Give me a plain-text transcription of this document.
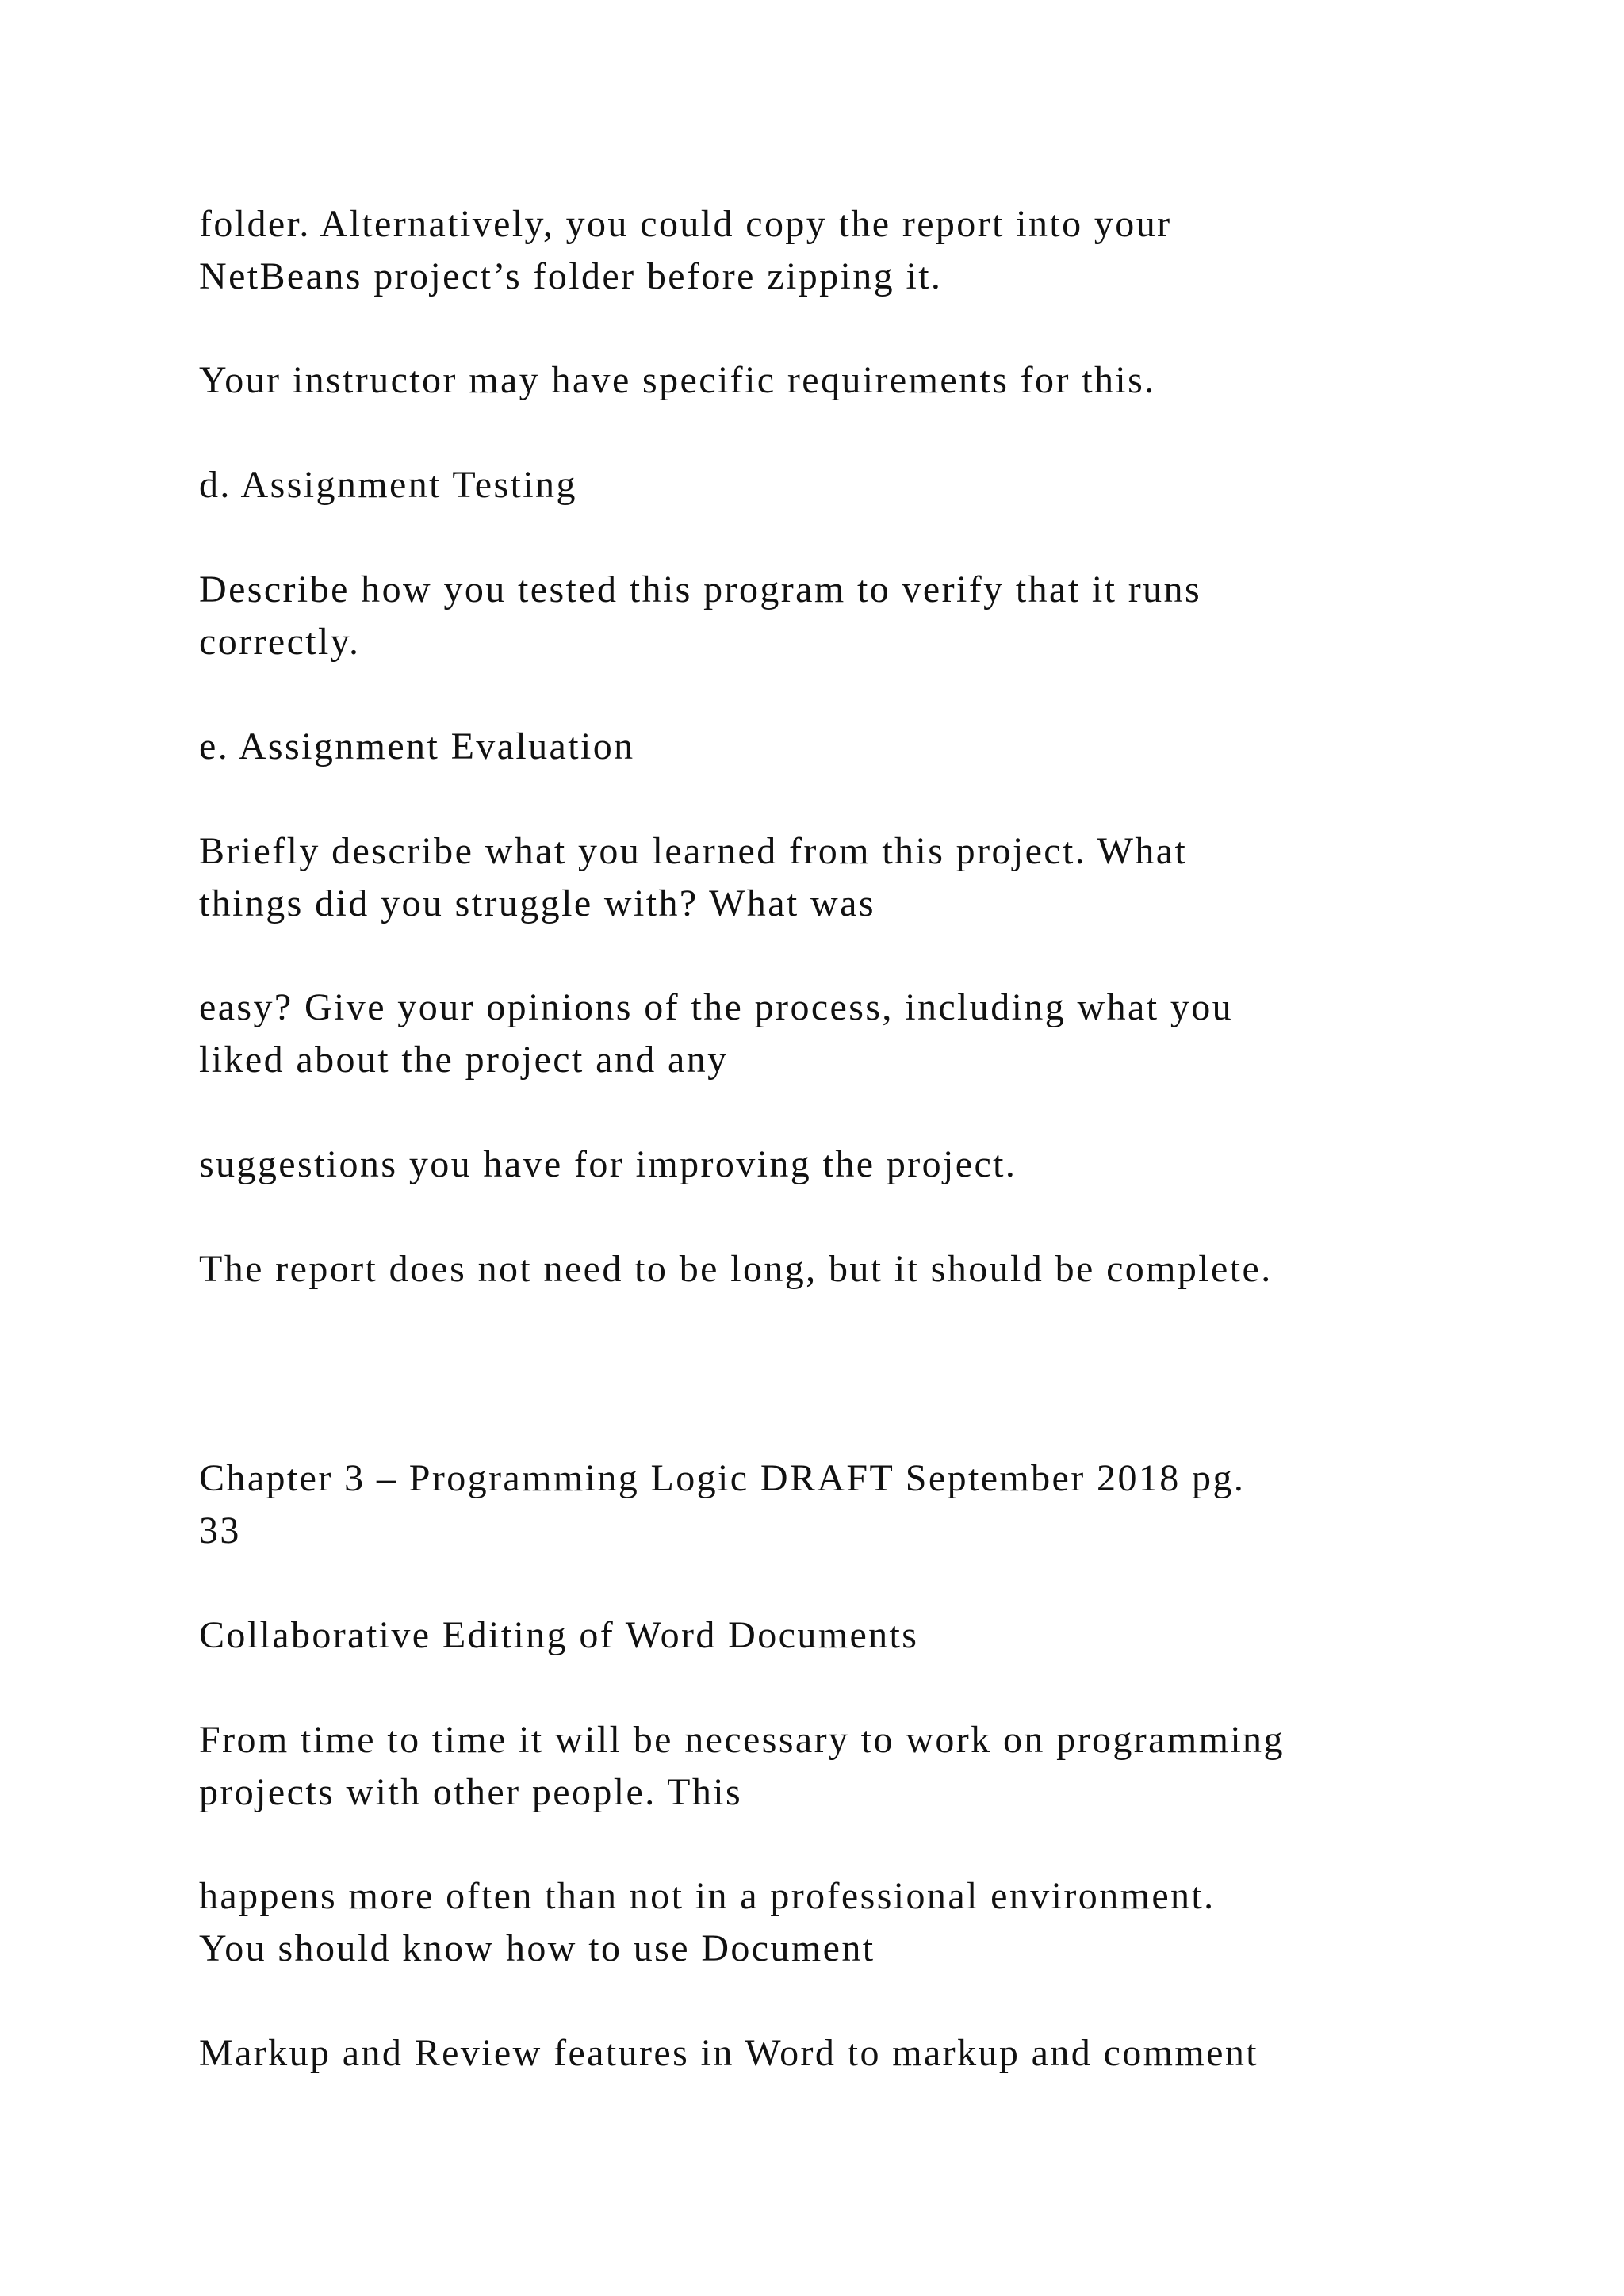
folder. Alternatively, you could copy the report into your
NetBeans project’s folder before zipping it.

Your instructor may have specific requirements for this.

d. Assignment Testing

Describe how you tested this program to verify that it runs
correctly.

e. Assignment Evaluation

Briefly describe what you learned from this project. What
things did you struggle with? What was

easy? Give your opinions of the process, including what you
liked about the project and any

suggestions you have for improving the project.

The report does not need to be long, but it should be complete.

Chapter 3 – Programming Logic DRAFT September 2018 pg.
33

Collaborative Editing of Word Documents

From time to time it will be necessary to work on programming
projects with other people. This

happens more often than not in a professional environment.
You should know how to use Document

Markup and Review features in Word to markup and comment
